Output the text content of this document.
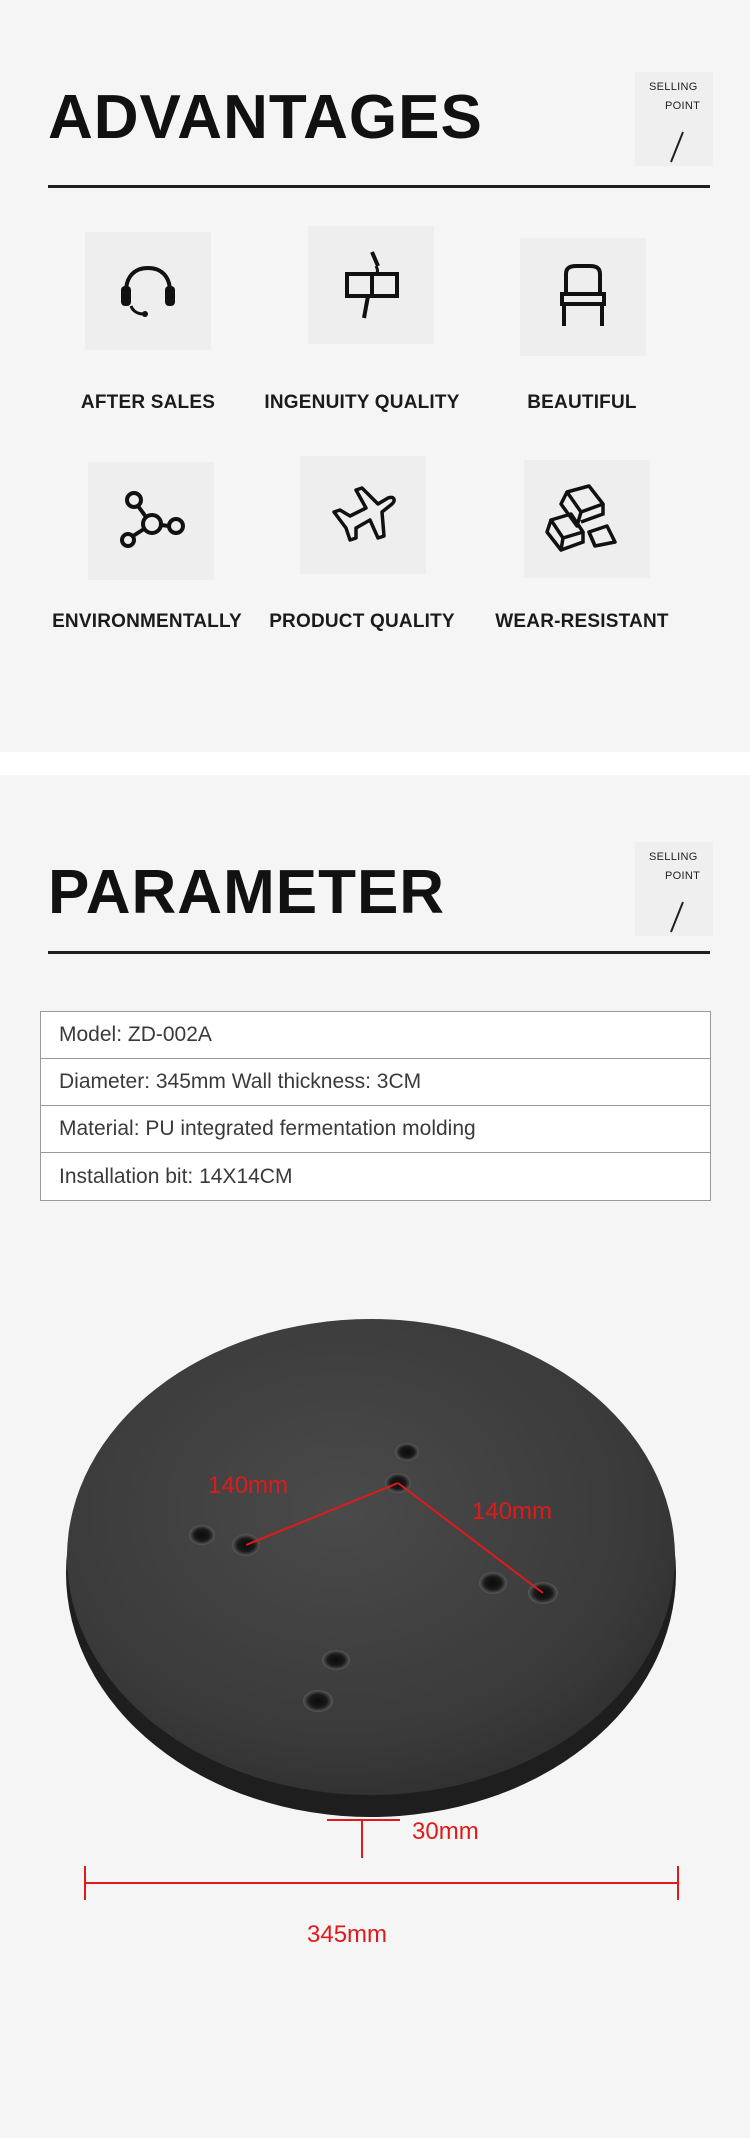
ADVANTAGES	SELLING
POINT
AFTER SALES	INGENUITY QUALITY	BEAUTIFUL
ENVIRONMENTALLY	PRODUCT QUALITY	WEAR-RESISTANT
PARAMETER
SELLING
POINT
Model: ZD-002A
Diameter: 345mm Wall thickness: 3CM
Material: PU integrated fermentation molding
Installation bit: 14X14CM
140mm
140mm
30mm
345mm
